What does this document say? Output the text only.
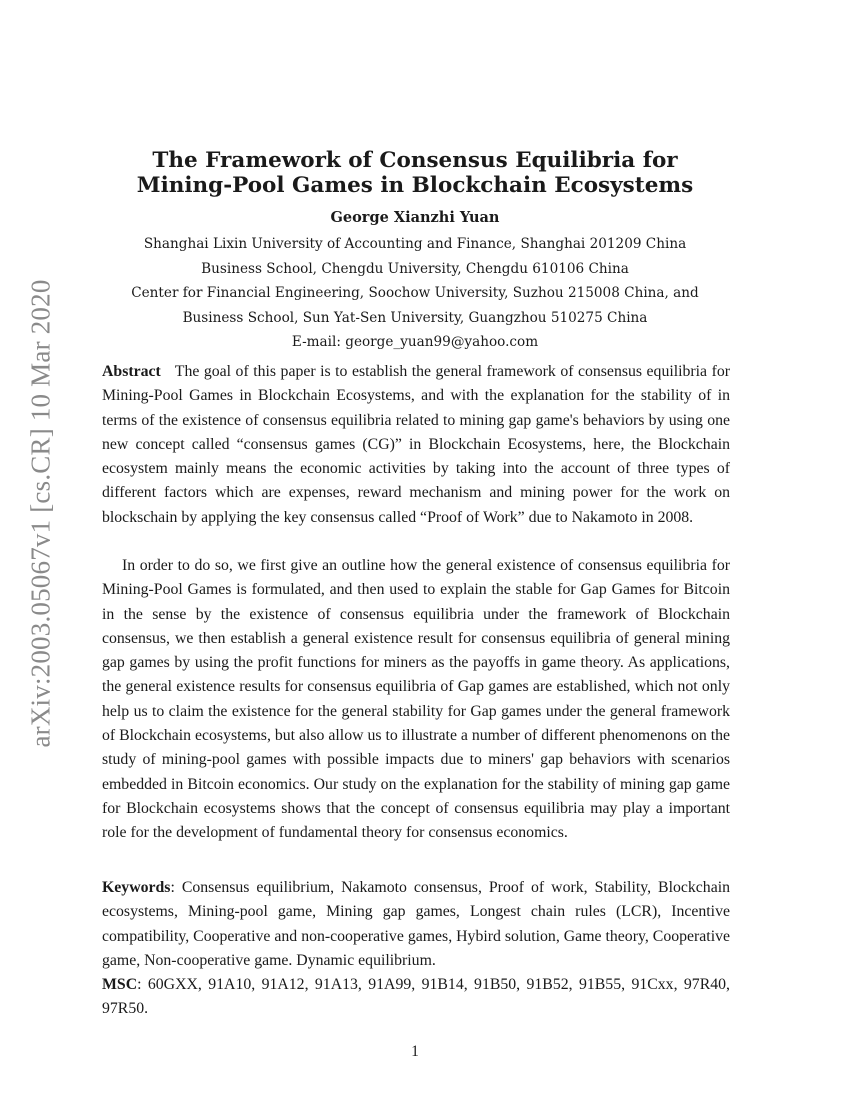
arXiv:2003.05067v1 [cs.CR] 10 Mar 2020
The Framework of Consensus Equilibria for
Mining-Pool Games in Blockchain Ecosystems

George Xianzhi Yuan

Shanghai Lixin University of Accounting and Finance, Shanghai 201209 China
Business School, Chengdu University, Chengdu 610106 China
Center for Financial Engineering, Soochow University, Suzhou 215008 China, and
Business School, Sun Yat-Sen University, Guangzhou 510275 China
E-mail: george_yuan99@yahoo.com

Abstract The goal of this paper is to establish the general framework of consensus equilibria for Mining-Pool Games in Blockchain Ecosystems, and with the explanation for the stability of in terms of the existence of consensus equilibria related to mining gap game's behaviors by using one new concept called “consensus games (CG)” in Blockchain Ecosystems, here, the Blockchain ecosystem mainly means the economic activities by taking into the account of three types of different factors which are expenses, reward mechanism and mining power for the work on blockschain by applying the key consensus called “Proof of Work” due to Nakamoto in 2008.

In order to do so, we first give an outline how the general existence of consensus equilibria for Mining-Pool Games is formulated, and then used to explain the stable for Gap Games for Bitcoin in the sense by the existence of consensus equilibria under the framework of Blockchain consensus, we then establish a general existence result for consensus equilibria of general mining gap games by using the profit functions for miners as the payoffs in game theory. As applications, the general existence results for consensus equilibria of Gap games are established, which not only help us to claim the existence for the general stability for Gap games under the general framework of Blockchain ecosystems, but also allow us to illustrate a number of different phenomenons on the study of mining-pool games with possible impacts due to miners' gap behaviors with scenarios embedded in Bitcoin economics. Our study on the explanation for the stability of mining gap game for Blockchain ecosystems shows that the concept of consensus equilibria may play a important role for the development of fundamental theory for consensus economics.

Keywords: Consensus equilibrium, Nakamoto consensus, Proof of work, Stability, Blockchain ecosystems, Mining-pool game, Mining gap games, Longest chain rules (LCR), Incentive compatibility, Cooperative and non-cooperative games, Hybird solution, Game theory, Cooperative game, Non-cooperative game. Dynamic equilibrium.

MSC: 60GXX, 91A10, 91A12, 91A13, 91A99, 91B14, 91B50, 91B52, 91B55, 91Cxx, 97R40, 97R50.

1
